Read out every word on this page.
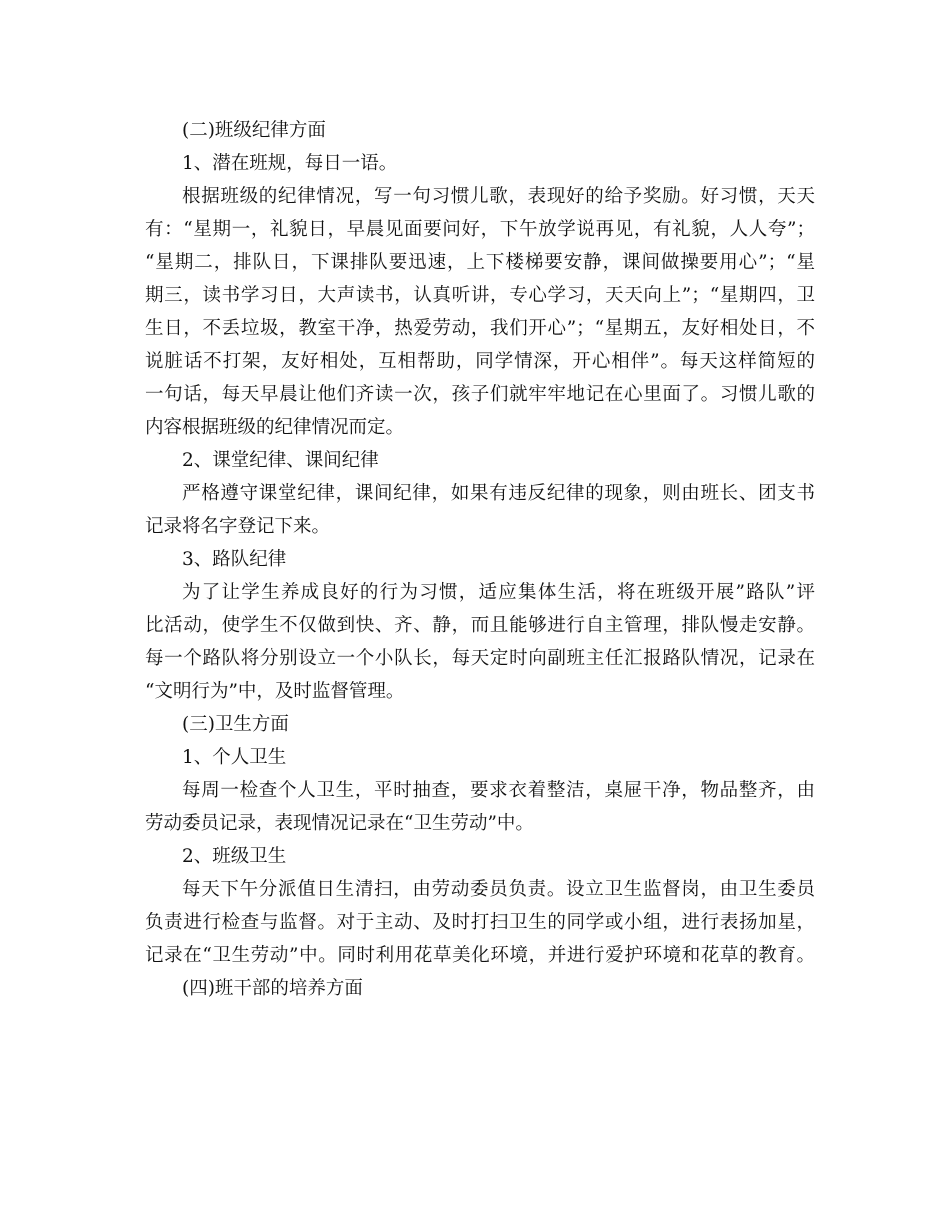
(二)班级纪律方面
1、潜在班规，每日一语。
根据班级的纪律情况，写一句习惯儿歌，表现好的给予奖励。好习惯，天天
有：“星期一，礼貌日，早晨见面要问好，下午放学说再见，有礼貌，人人夸”；
“星期二，排队日，下课排队要迅速，上下楼梯要安静，课间做操要用心”；“星
期三，读书学习日，大声读书，认真听讲，专心学习，天天向上”；“星期四，卫
生日，不丢垃圾，教室干净，热爱劳动，我们开心”；“星期五，友好相处日，不
说脏话不打架，友好相处，互相帮助，同学情深，开心相伴”。每天这样简短的
一句话，每天早晨让他们齐读一次，孩子们就牢牢地记在心里面了。习惯儿歌的
内容根据班级的纪律情况而定。
2、课堂纪律、课间纪律
严格遵守课堂纪律，课间纪律，如果有违反纪律的现象，则由班长、团支书
记录将名字登记下来。
3、路队纪律
为了让学生养成良好的行为习惯，适应集体生活，将在班级开展”路队”评
比活动，使学生不仅做到快、齐、静，而且能够进行自主管理，排队慢走安静。
每一个路队将分别设立一个小队长，每天定时向副班主任汇报路队情况，记录在
“文明行为”中，及时监督管理。
(三)卫生方面
1、个人卫生
每周一检查个人卫生，平时抽查，要求衣着整洁，桌屉干净，物品整齐，由
劳动委员记录，表现情况记录在“卫生劳动”中。
2、班级卫生
每天下午分派值日生清扫，由劳动委员负责。设立卫生监督岗，由卫生委员
负责进行检查与监督。对于主动、及时打扫卫生的同学或小组，进行表扬加星，
记录在“卫生劳动”中。同时利用花草美化环境，并进行爱护环境和花草的教育。
(四)班干部的培养方面
